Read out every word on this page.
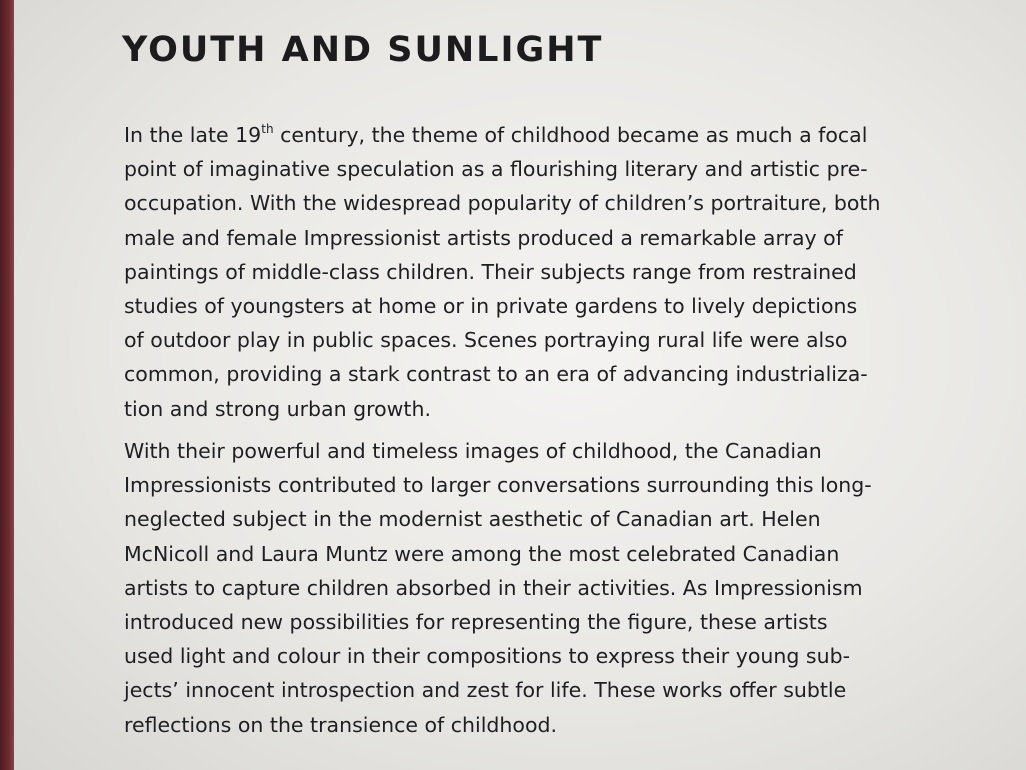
YOUTH AND SUNLIGHT
In the late 19th century, the theme of childhood became as much a focal
point of imaginative speculation as a flourishing literary and artistic pre-
occupation. With the widespread popularity of children’s portraiture, both
male and female Impressionist artists produced a remarkable array of
paintings of middle-class children. Their subjects range from restrained
studies of youngsters at home or in private gardens to lively depictions
of outdoor play in public spaces. Scenes portraying rural life were also
common, providing a stark contrast to an era of advancing industrializa-
tion and strong urban growth.
With their powerful and timeless images of childhood, the Canadian
Impressionists contributed to larger conversations surrounding this long-
neglected subject in the modernist aesthetic of Canadian art. Helen
McNicoll and Laura Muntz were among the most celebrated Canadian
artists to capture children absorbed in their activities. As Impressionism
introduced new possibilities for representing the figure, these artists
used light and colour in their compositions to express their young sub-
jects’ innocent introspection and zest for life. These works offer subtle
reflections on the transience of childhood.
